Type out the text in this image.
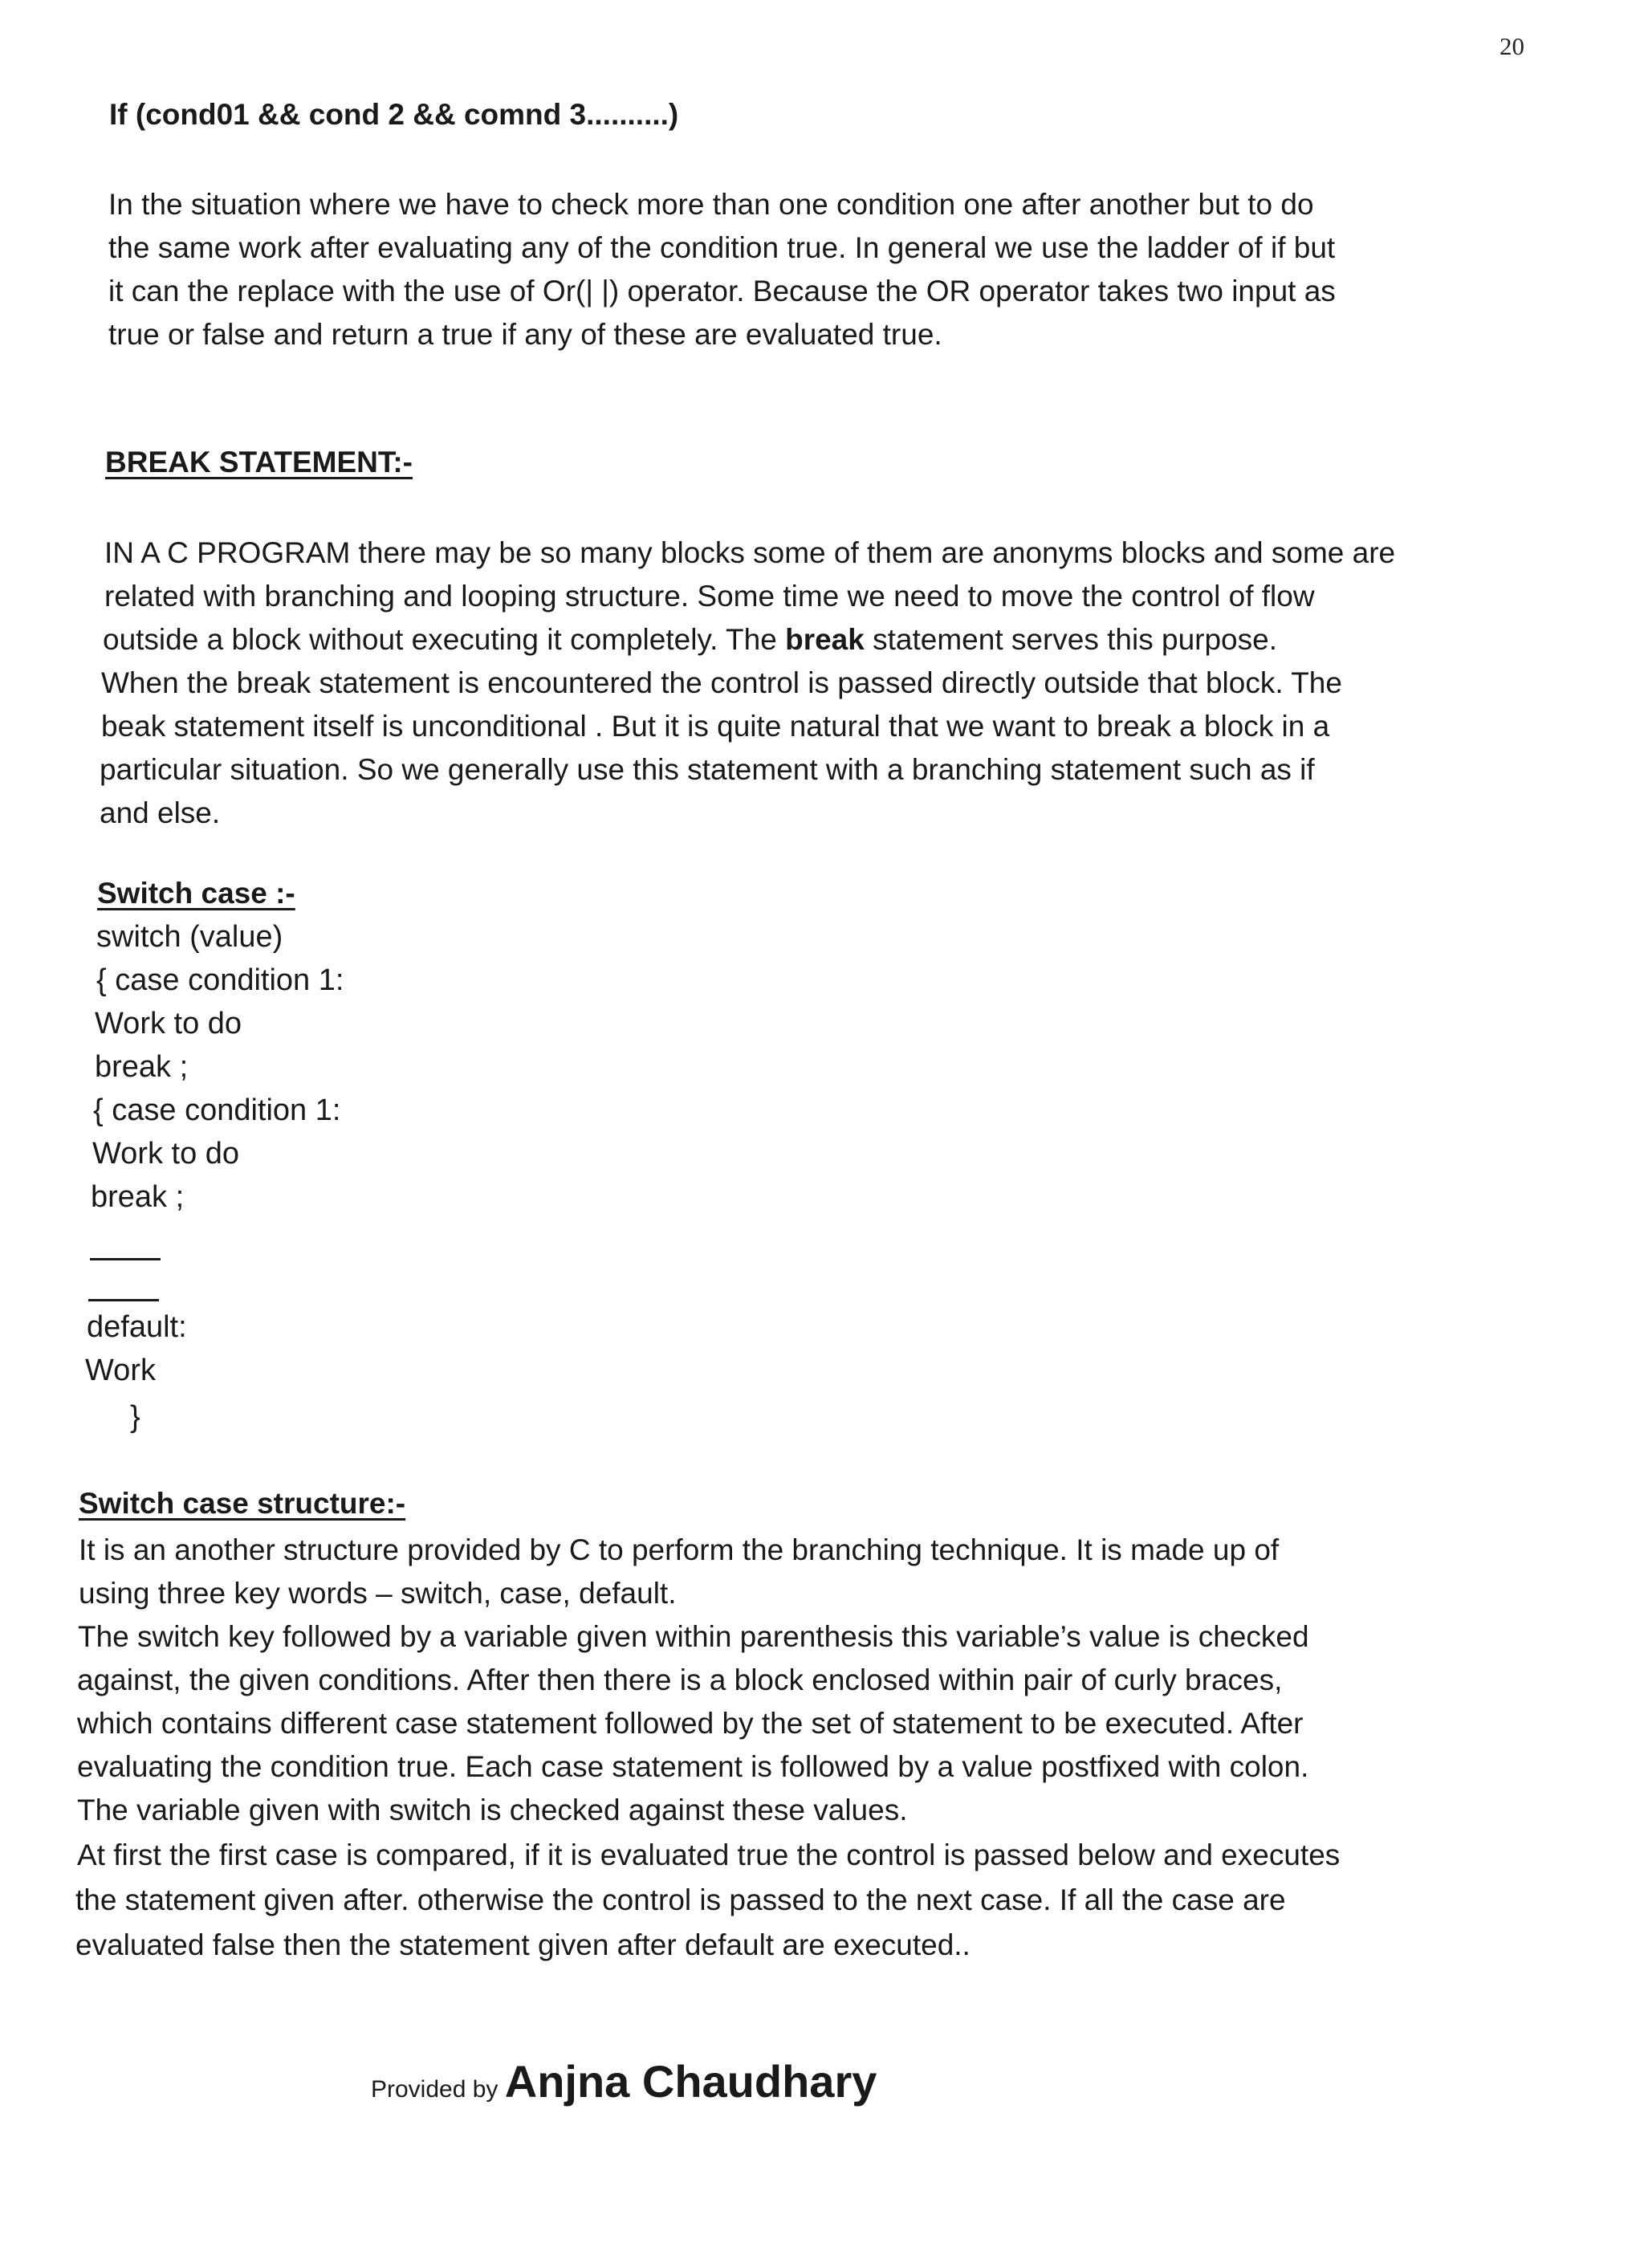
20
If (cond01 && cond 2 && comnd 3..........)

In the situation where we have to check more than one condition one after another but to do

the same work after evaluating any of the condition true. In general we use the ladder of if but

it can the replace with the use of Or(| |) operator. Because the OR operator takes two input as

true or false and return a true if any of these are evaluated true.

BREAK STATEMENT:-

IN A C PROGRAM there may be so many blocks some of them are anonyms blocks and some are

related with branching and looping structure. Some time we need to move the control of flow

outside a block without executing it completely. The break statement serves this purpose.

When the break statement is encountered the control is passed directly outside that block. The

beak statement itself is unconditional . But it is quite natural that we want to break a block in a

particular situation. So we generally use this statement with a branching statement such as if

and else.

Switch case :-
switch (value)
{ case condition 1:
Work to do
break ;
{ case condition 1:
Work to do
break ;
default:
Work
}
Switch case structure:-

It is an another structure provided by C to perform the branching technique. It is made up of

using three key words – switch, case, default.

The switch key followed by a variable given within parenthesis this variable’s value is checked

against, the given conditions. After then there is a block enclosed within pair of curly braces,

which contains different case statement followed by the set of statement to be executed. After

evaluating the condition true. Each case statement is followed by a value postfixed with colon.

The variable given with switch is checked against these values.

At first the first case is compared, if it is evaluated true the control is passed below and executes

the statement given after. otherwise the control is passed to the next case. If all the case are

evaluated false then the statement given after default are executed..

Provided by Anjna Chaudhary
